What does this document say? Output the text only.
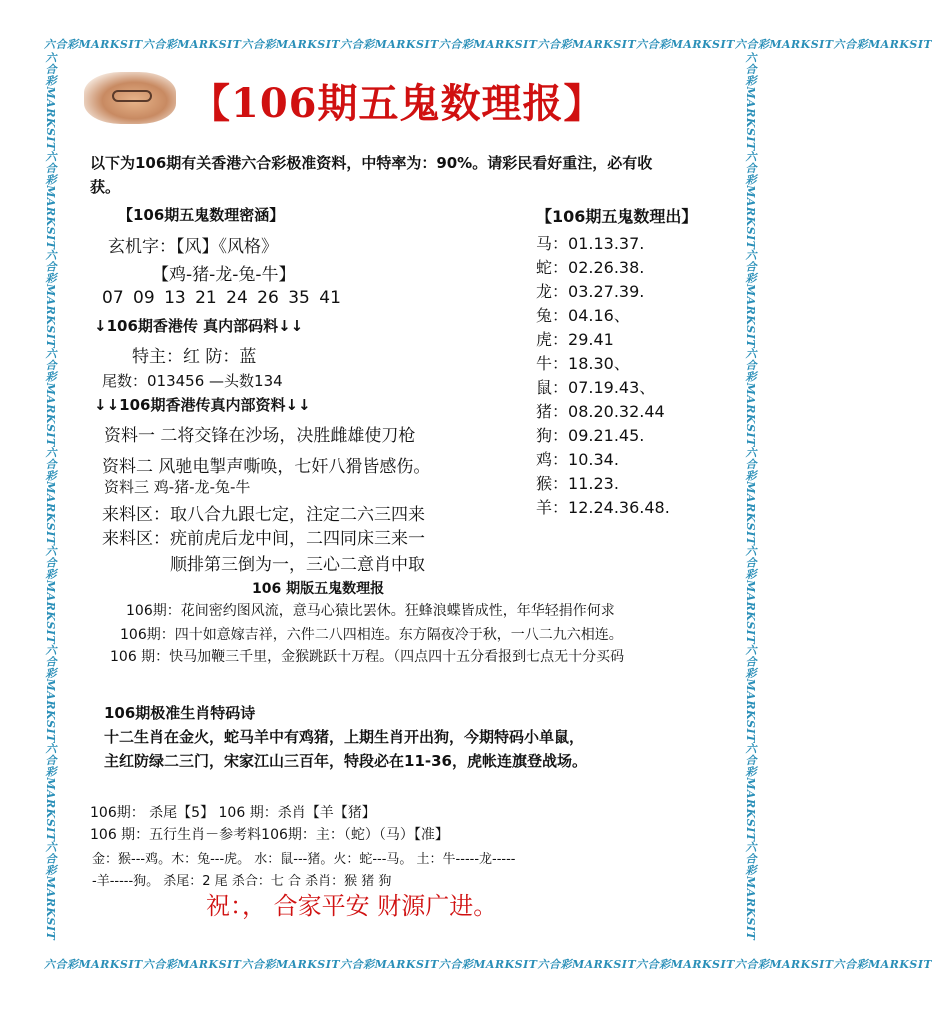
六合彩MARKSIT六合彩MARKSIT六合彩MARKSIT六合彩MARKSIT六合彩MARKSIT六合彩MARKSIT六合彩MARKSIT六合彩MARKSIT六合彩MARKSIT
六合彩MARKSIT六合彩MARKSIT六合彩MARKSIT六合彩MARKSIT六合彩MARKSIT六合彩MARKSIT六合彩MARKSIT六合彩MARKSIT六合彩MARKSIT
六合彩MARKSIT六合彩MARKSIT六合彩MARKSIT六合彩MARKSIT六合彩MARKSIT六合彩MARKSIT六合彩MARKSIT六合彩MARKSIT六合彩MARKSIT	六合彩MARKSIT六合彩MARKSIT六合彩MARKSIT六合彩MARKSIT六合彩MARKSIT六合彩MARKSIT六合彩MARKSIT六合彩MARKSIT六合彩MARKSIT
【106期五鬼数理报】
以下为106期有关香港六合彩极准资料，中特率为：90%。请彩民看好重注，必有收
获。
【106期五鬼数理密涵】
玄机字：【风】《风格》
【鸡-猪-龙-兔-牛】
07 09 13 21 24 26 35 41
↓106期香港传 真内部码料↓↓
特主：红 防：蓝
尾数：013456 —头数134
↓↓106期香港传真内部资料↓↓
资料一 二将交锋在沙场，决胜雌雄使刀枪
资料二 风驰电掣声嘶唤，七奸八猾皆感伤。
资料三 鸡-猪-龙-兔-牛
来料区：取八合九跟七定，注定二六三四来
来料区：疣前虎后龙中间，二四同床三来一
顺排第三倒为一，三心二意肖中取
【106期五鬼数理出】
马：01.13.37.
蛇：02.26.38.
龙：03.27.39.
兔：04.16、
虎：29.41
牛：18.30、
鼠：07.19.43、
猪：08.20.32.44
狗：09.21.45.
鸡：10.34.
猴：11.23.
羊：12.24.36.48.
106 期版五鬼数理报
106期：花间密约图风流，意马心猿比罢休。狂蜂浪蝶皆成性，年华轻捐作何求
106期：四十如意嫁吉祥，六件二八四相连。东方隔夜冷于秋，一八二九六相连。
106 期：快马加鞭三千里，金猴跳跃十万程。（四点四十五分看报到七点无十分买码
106期极准生肖特码诗
十二生肖在金火，蛇马羊中有鸡猪，上期生肖开出狗，今期特码小单鼠，
主红防绿二三门，宋家江山三百年，特段必在11-36，虎帐连旗登战场。
106期： 杀尾【5】 106 期：杀肖【羊【猪】
106 期：五行生肖－参考料106期：主：（蛇）（马）【准】
金：猴---鸡。木：兔---虎。 水：鼠---猪。火：蛇---马。 土：牛-----龙-----
-羊-----狗。 杀尾：2 尾 杀合：七 合 杀肖：猴 猪 狗
祝：， 合家平安 财源广进。
